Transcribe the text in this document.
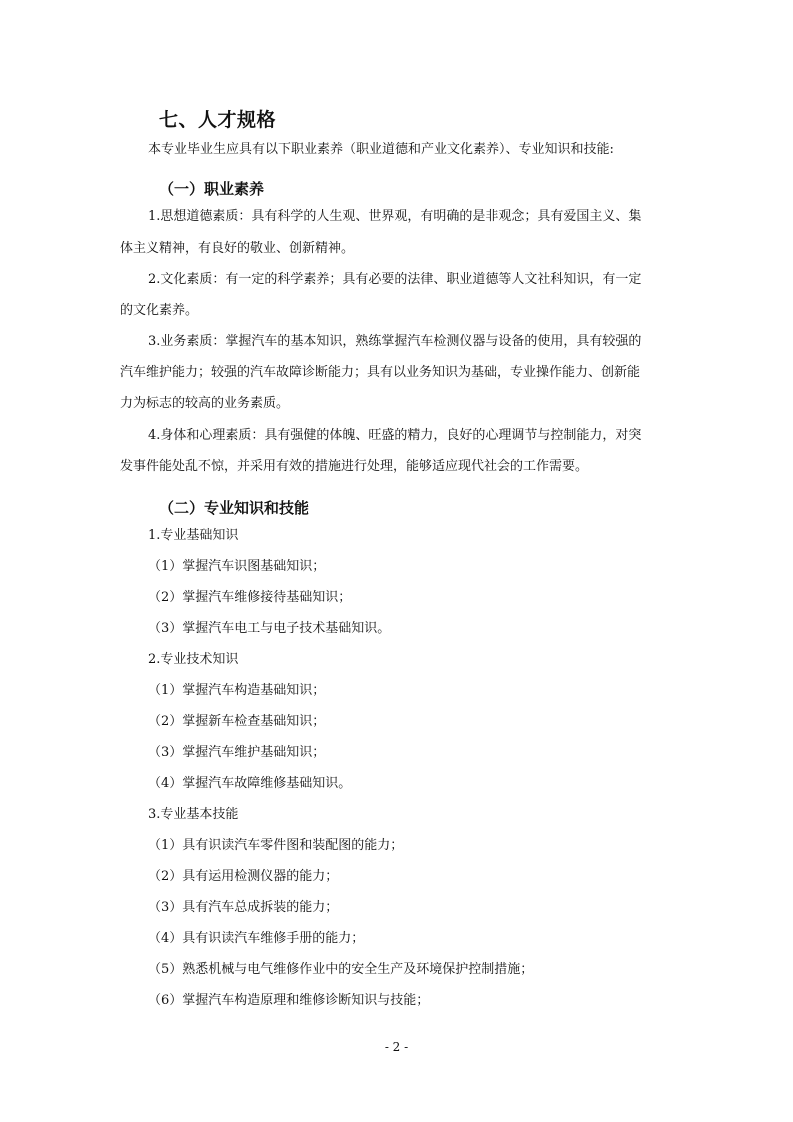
七、人才规格
本专业毕业生应具有以下职业素养（职业道德和产业文化素养）、专业知识和技能:
（一）职业素养
1.思想道德素质：具有科学的人生观、世界观，有明确的是非观念；具有爱国主义、集
体主义精神，有良好的敬业、创新精神。
2.文化素质：有一定的科学素养；具有必要的法律、职业道德等人文社科知识，有一定
的文化素养。
3.业务素质：掌握汽车的基本知识，熟练掌握汽车检测仪器与设备的使用，具有较强的
汽车维护能力；较强的汽车故障诊断能力；具有以业务知识为基础，专业操作能力、创新能
力为标志的较高的业务素质。
4.身体和心理素质：具有强健的体魄、旺盛的精力，良好的心理调节与控制能力，对突
发事件能处乱不惊，并采用有效的措施进行处理，能够适应现代社会的工作需要。
（二）专业知识和技能
1.专业基础知识
（1）掌握汽车识图基础知识；
（2）掌握汽车维修接待基础知识；
（3）掌握汽车电工与电子技术基础知识。
2.专业技术知识
（1）掌握汽车构造基础知识；
（2）掌握新车检查基础知识；
（3）掌握汽车维护基础知识；
（4）掌握汽车故障维修基础知识。
3.专业基本技能
（1）具有识读汽车零件图和装配图的能力；
（2）具有运用检测仪器的能力；
（3）具有汽车总成拆装的能力；
（4）具有识读汽车维修手册的能力；
（5）熟悉机械与电气维修作业中的安全生产及环境保护控制措施；
（6）掌握汽车构造原理和维修诊断知识与技能；
- 2 -
